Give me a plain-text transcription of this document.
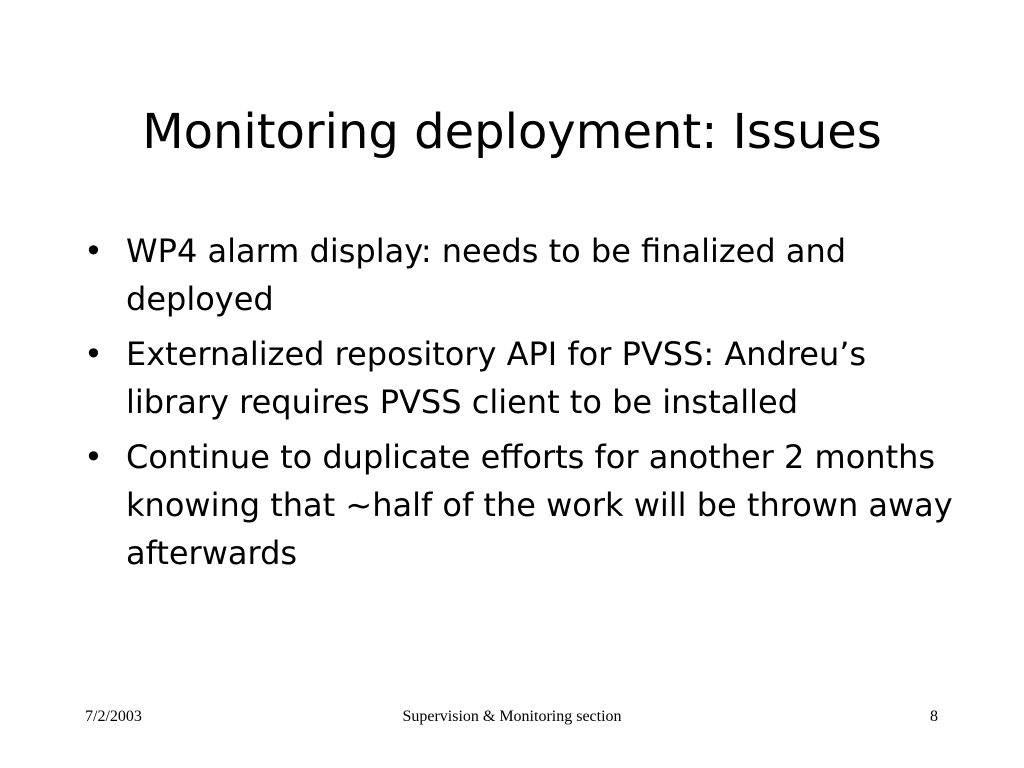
Monitoring deployment: Issues
• WP4 alarm display: needs to be finalized and deployed
• Externalized repository API for PVSS: Andreu’s library requires PVSS client to be installed
• Continue to duplicate efforts for another 2 months knowing that ~half of the work will be thrown away afterwards
7/2/2003	Supervision & Monitoring section	8
